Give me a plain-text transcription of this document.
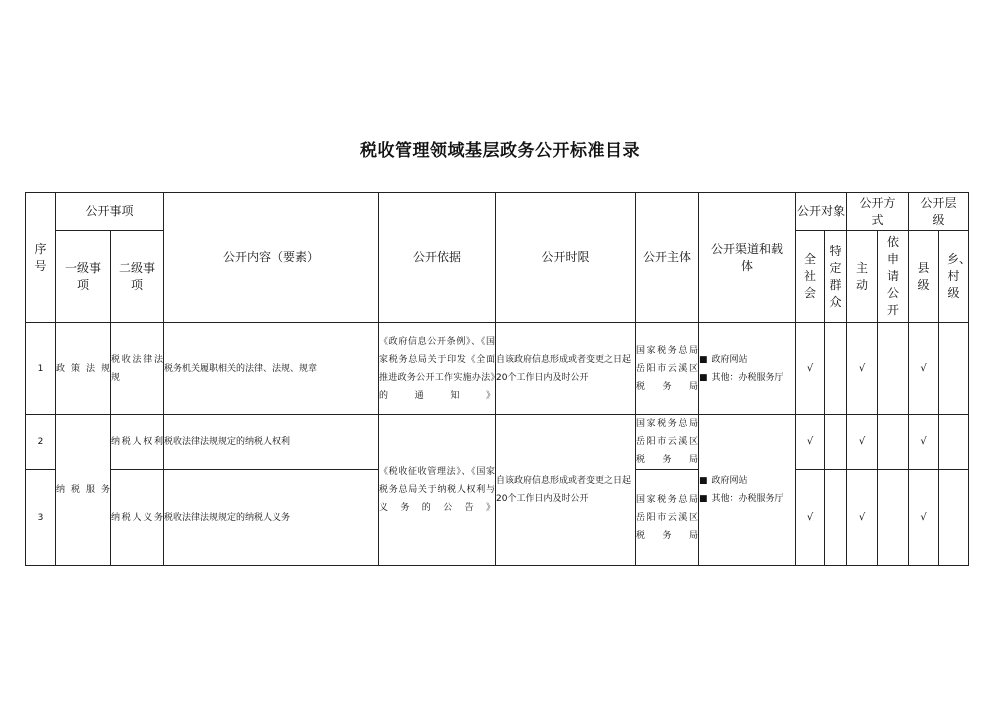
税收管理领域基层政务公开标准目录
序号	公开事项		公开内容（要素）	公开依据	公开时限	公开主体	公开渠道和载体	公开对象		公开方式		公开层级	
	一级事项	二级事项						全社会	特定群众	主动	依申请公开	县级	乡、村级
1	政策法规	税收法律法规	税务机关履职相关的法律、法规、规章	《政府信息公开条例》、《国家税务总局关于印发《全面推进政务公开工作实施办法》的通知》	自该政府信息形成或者变更之日起20个工作日内及时公开	国家税务总局岳阳市云溪区税务局	■ 政府网站
■ 其他：办税服务厅	√		√		√	
2	纳税服务	纳税人权利	税收法律法规规定的纳税人权利	《税收征收管理法》、《国家税务总局关于纳税人权利与义务的公告》	自该政府信息形成或者变更之日起20个工作日内及时公开	国家税务总局岳阳市云溪区税务局	■ 政府网站
■ 其他：办税服务厅	√		√		√	
3		纳税人义务	税收法律法规规定的纳税人义务			国家税务总局岳阳市云溪区税务局		√		√		√	
